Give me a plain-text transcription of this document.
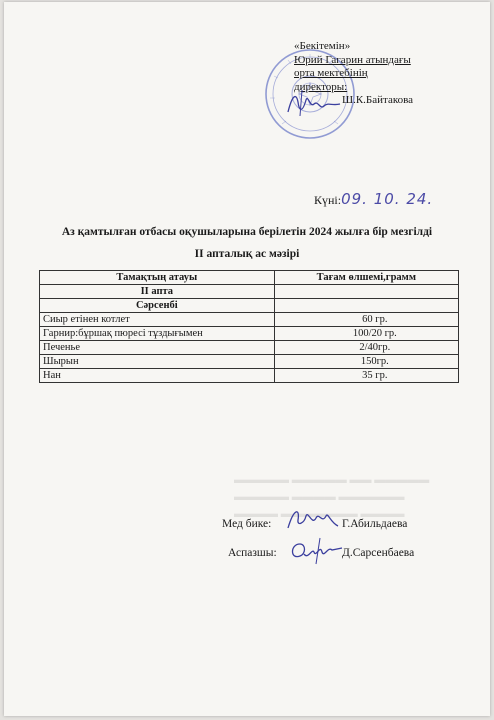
«Бекітемін»
Юрий Гагарин атындағы
орта мектебінің
директоры:
Ш.К.Байтакова
Күні:09. 10. 24.
Аз қамтылған отбасы оқушыларына берілетін 2024 жылға бір мезгілді
II апталық ас мәзірі
Тамақтың атауы	Тағам өлшемі,грамм
II апта	
Сәрсенбі	
Сиыр етінен котлет	60 гр.
Гарнир:бұршақ пюресі тұздығымен	100/20 гр.
Печенье	2/40гр.
Шырын	150гр.
Нан	35 гр.
▬▬▬▬▬ ▬▬▬▬▬ ▬▬ ▬▬▬▬▬
▬▬▬▬▬ ▬▬▬▬ ▬▬▬▬▬▬
▬▬▬▬ ▬▬▬▬▬▬▬ ▬▬▬▬
Мед бике:	Г.Абильдаева
Аспазшы:	Д.Сарсенбаева
